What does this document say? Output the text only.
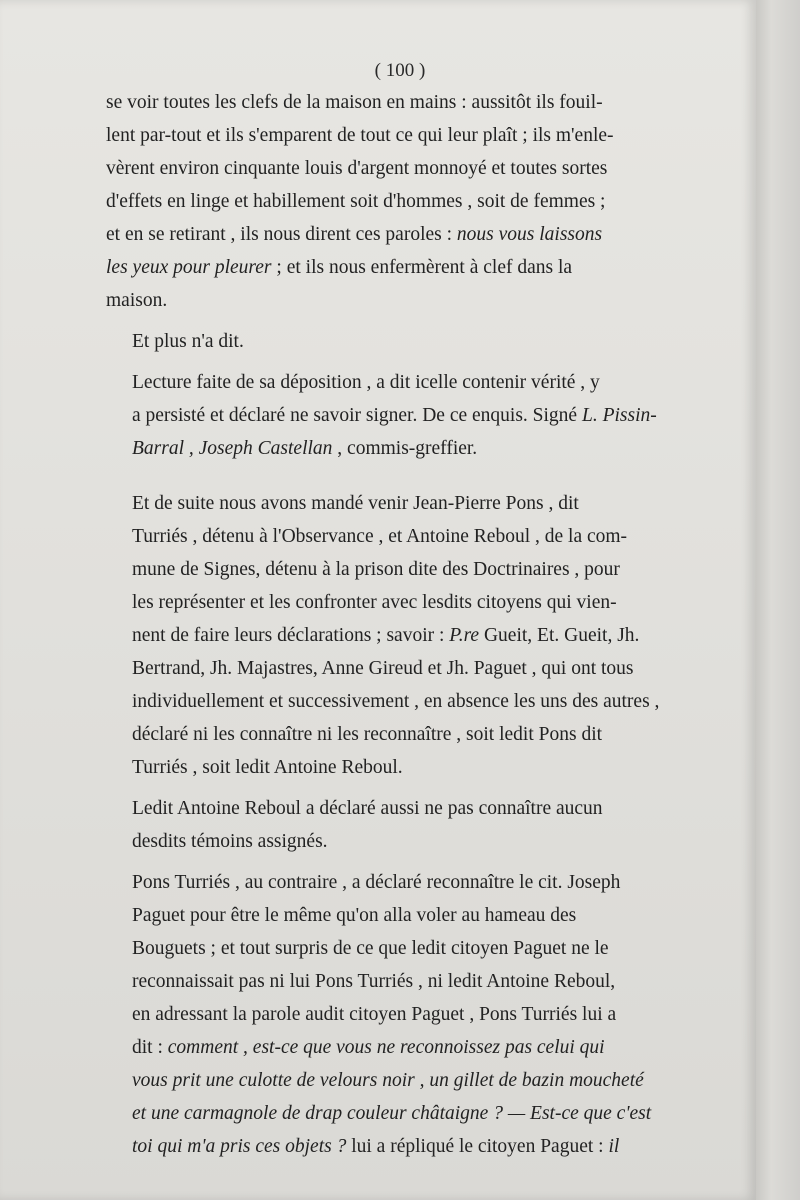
( 100 )

se voir toutes les clefs de la maison en mains : aussitôt ils fouil-
lent par-tout et ils s'emparent de tout ce qui leur plaît ; ils m'enle-
vèrent environ cinquante louis d'argent monnoyé et toutes sortes
d'effets en linge et habillement soit d'hommes , soit de femmes ;
et en se retirant , ils nous dirent ces paroles : nous vous laissons
les yeux pour pleurer ; et ils nous enfermèrent à clef dans la
maison.

Et plus n'a dit.

Lecture faite de sa déposition , a dit icelle contenir vérité , y
a persisté et déclaré ne savoir signer. De ce enquis. Signé L. Pissin-
Barral , Joseph Castellan , commis-greffier.

Et de suite nous avons mandé venir Jean-Pierre Pons , dit
Turriés , détenu à l'Observance , et Antoine Reboul , de la com-
mune de Signes, détenu à la prison dite des Doctrinaires , pour
les représenter et les confronter avec lesdits citoyens qui vien-
nent de faire leurs déclarations ; savoir : P.re Gueit, Et. Gueit, Jh.
Bertrand, Jh. Majastres, Anne Gireud et Jh. Paguet , qui ont tous
individuellement et successivement , en absence les uns des autres ,
déclaré ni les connaître ni les reconnaître , soit ledit Pons dit
Turriés , soit ledit Antoine Reboul.

Ledit Antoine Reboul a déclaré aussi ne pas connaître aucun
desdits témoins assignés.

Pons Turriés , au contraire , a déclaré reconnaître le cit. Joseph
Paguet pour être le même qu'on alla voler au hameau des
Bouguets ; et tout surpris de ce que ledit citoyen Paguet ne le
reconnaissait pas ni lui Pons Turriés , ni ledit Antoine Reboul,
en adressant la parole audit citoyen Paguet , Pons Turriés lui a
dit : comment , est-ce que vous ne reconnoissez pas celui qui
vous prit une culotte de velours noir , un gillet de bazin moucheté
et une carmagnole de drap couleur châtaigne ? — Est-ce que c'est
toi qui m'a pris ces objets ? lui a répliqué le citoyen Paguet : il
